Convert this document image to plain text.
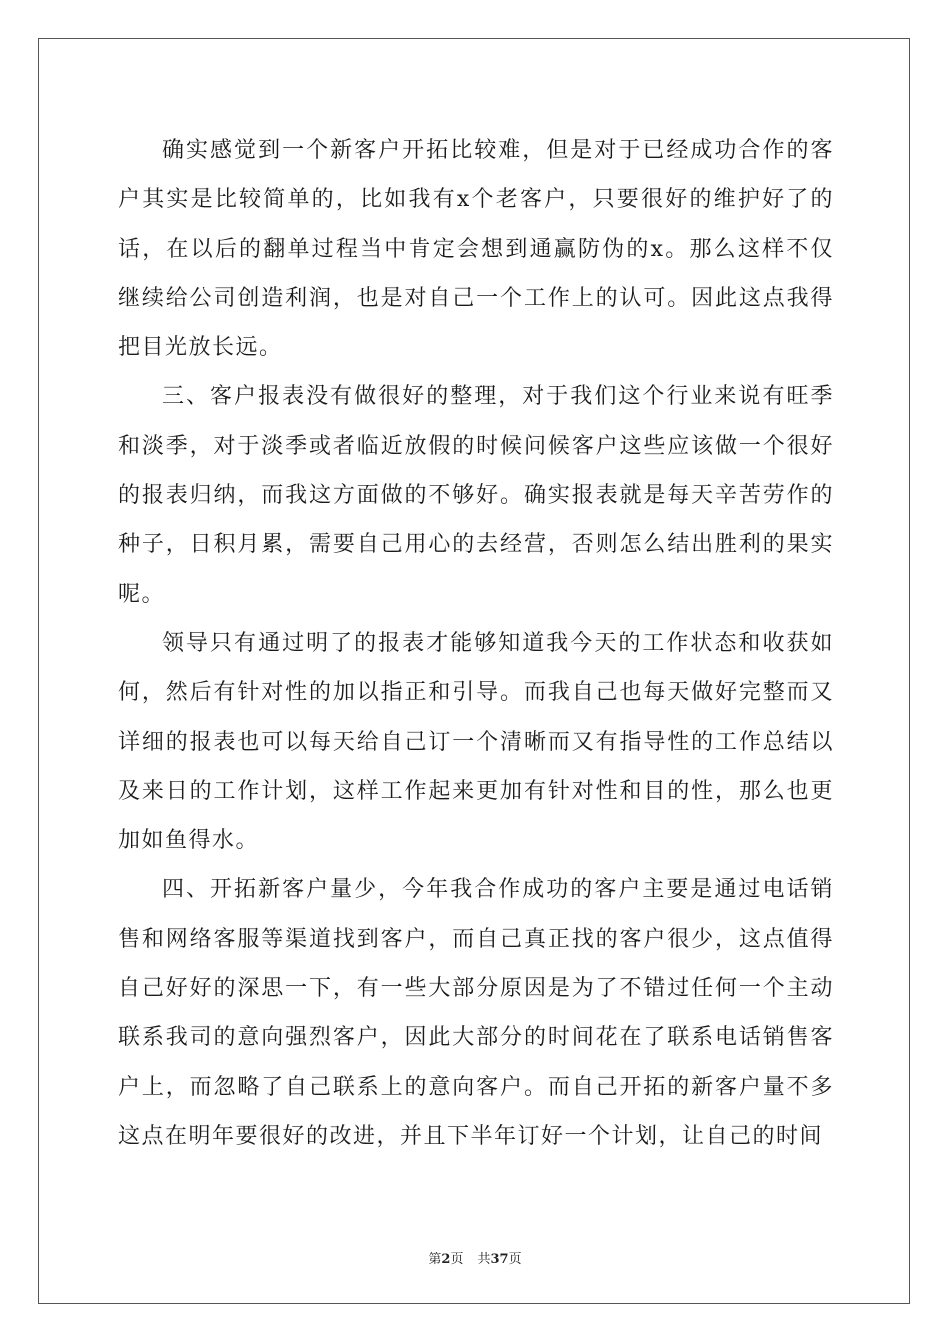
确实感觉到一个新客户开拓比较难，但是对于已经成功合作的客户其实是比较简单的，比如我有x个老客户，只要很好的维护好了的话，在以后的翻单过程当中肯定会想到通赢防伪的x。那么这样不仅继续给公司创造利润，也是对自己一个工作上的认可。因此这点我得把目光放长远。

三、客户报表没有做很好的整理，对于我们这个行业来说有旺季和淡季，对于淡季或者临近放假的时候问候客户这些应该做一个很好的报表归纳，而我这方面做的不够好。确实报表就是每天辛苦劳作的种子，日积月累，需要自己用心的去经营，否则怎么结出胜利的果实呢。

领导只有通过明了的报表才能够知道我今天的工作状态和收获如何，然后有针对性的加以指正和引导。而我自己也每天做好完整而又详细的报表也可以每天给自己订一个清晰而又有指导性的工作总结以及来日的工作计划，这样工作起来更加有针对性和目的性，那么也更加如鱼得水。

四、开拓新客户量少，今年我合作成功的客户主要是通过电话销售和网络客服等渠道找到客户，而自己真正找的客户很少，这点值得自己好好的深思一下，有一些大部分原因是为了不错过任何一个主动联系我司的意向强烈客户，因此大部分的时间花在了联系电话销售客户上，而忽略了自己联系上的意向客户。而自己开拓的新客户量不多这点在明年要很好的改进，并且下半年订好一个计划，让自己的时间

第2页 共37页
